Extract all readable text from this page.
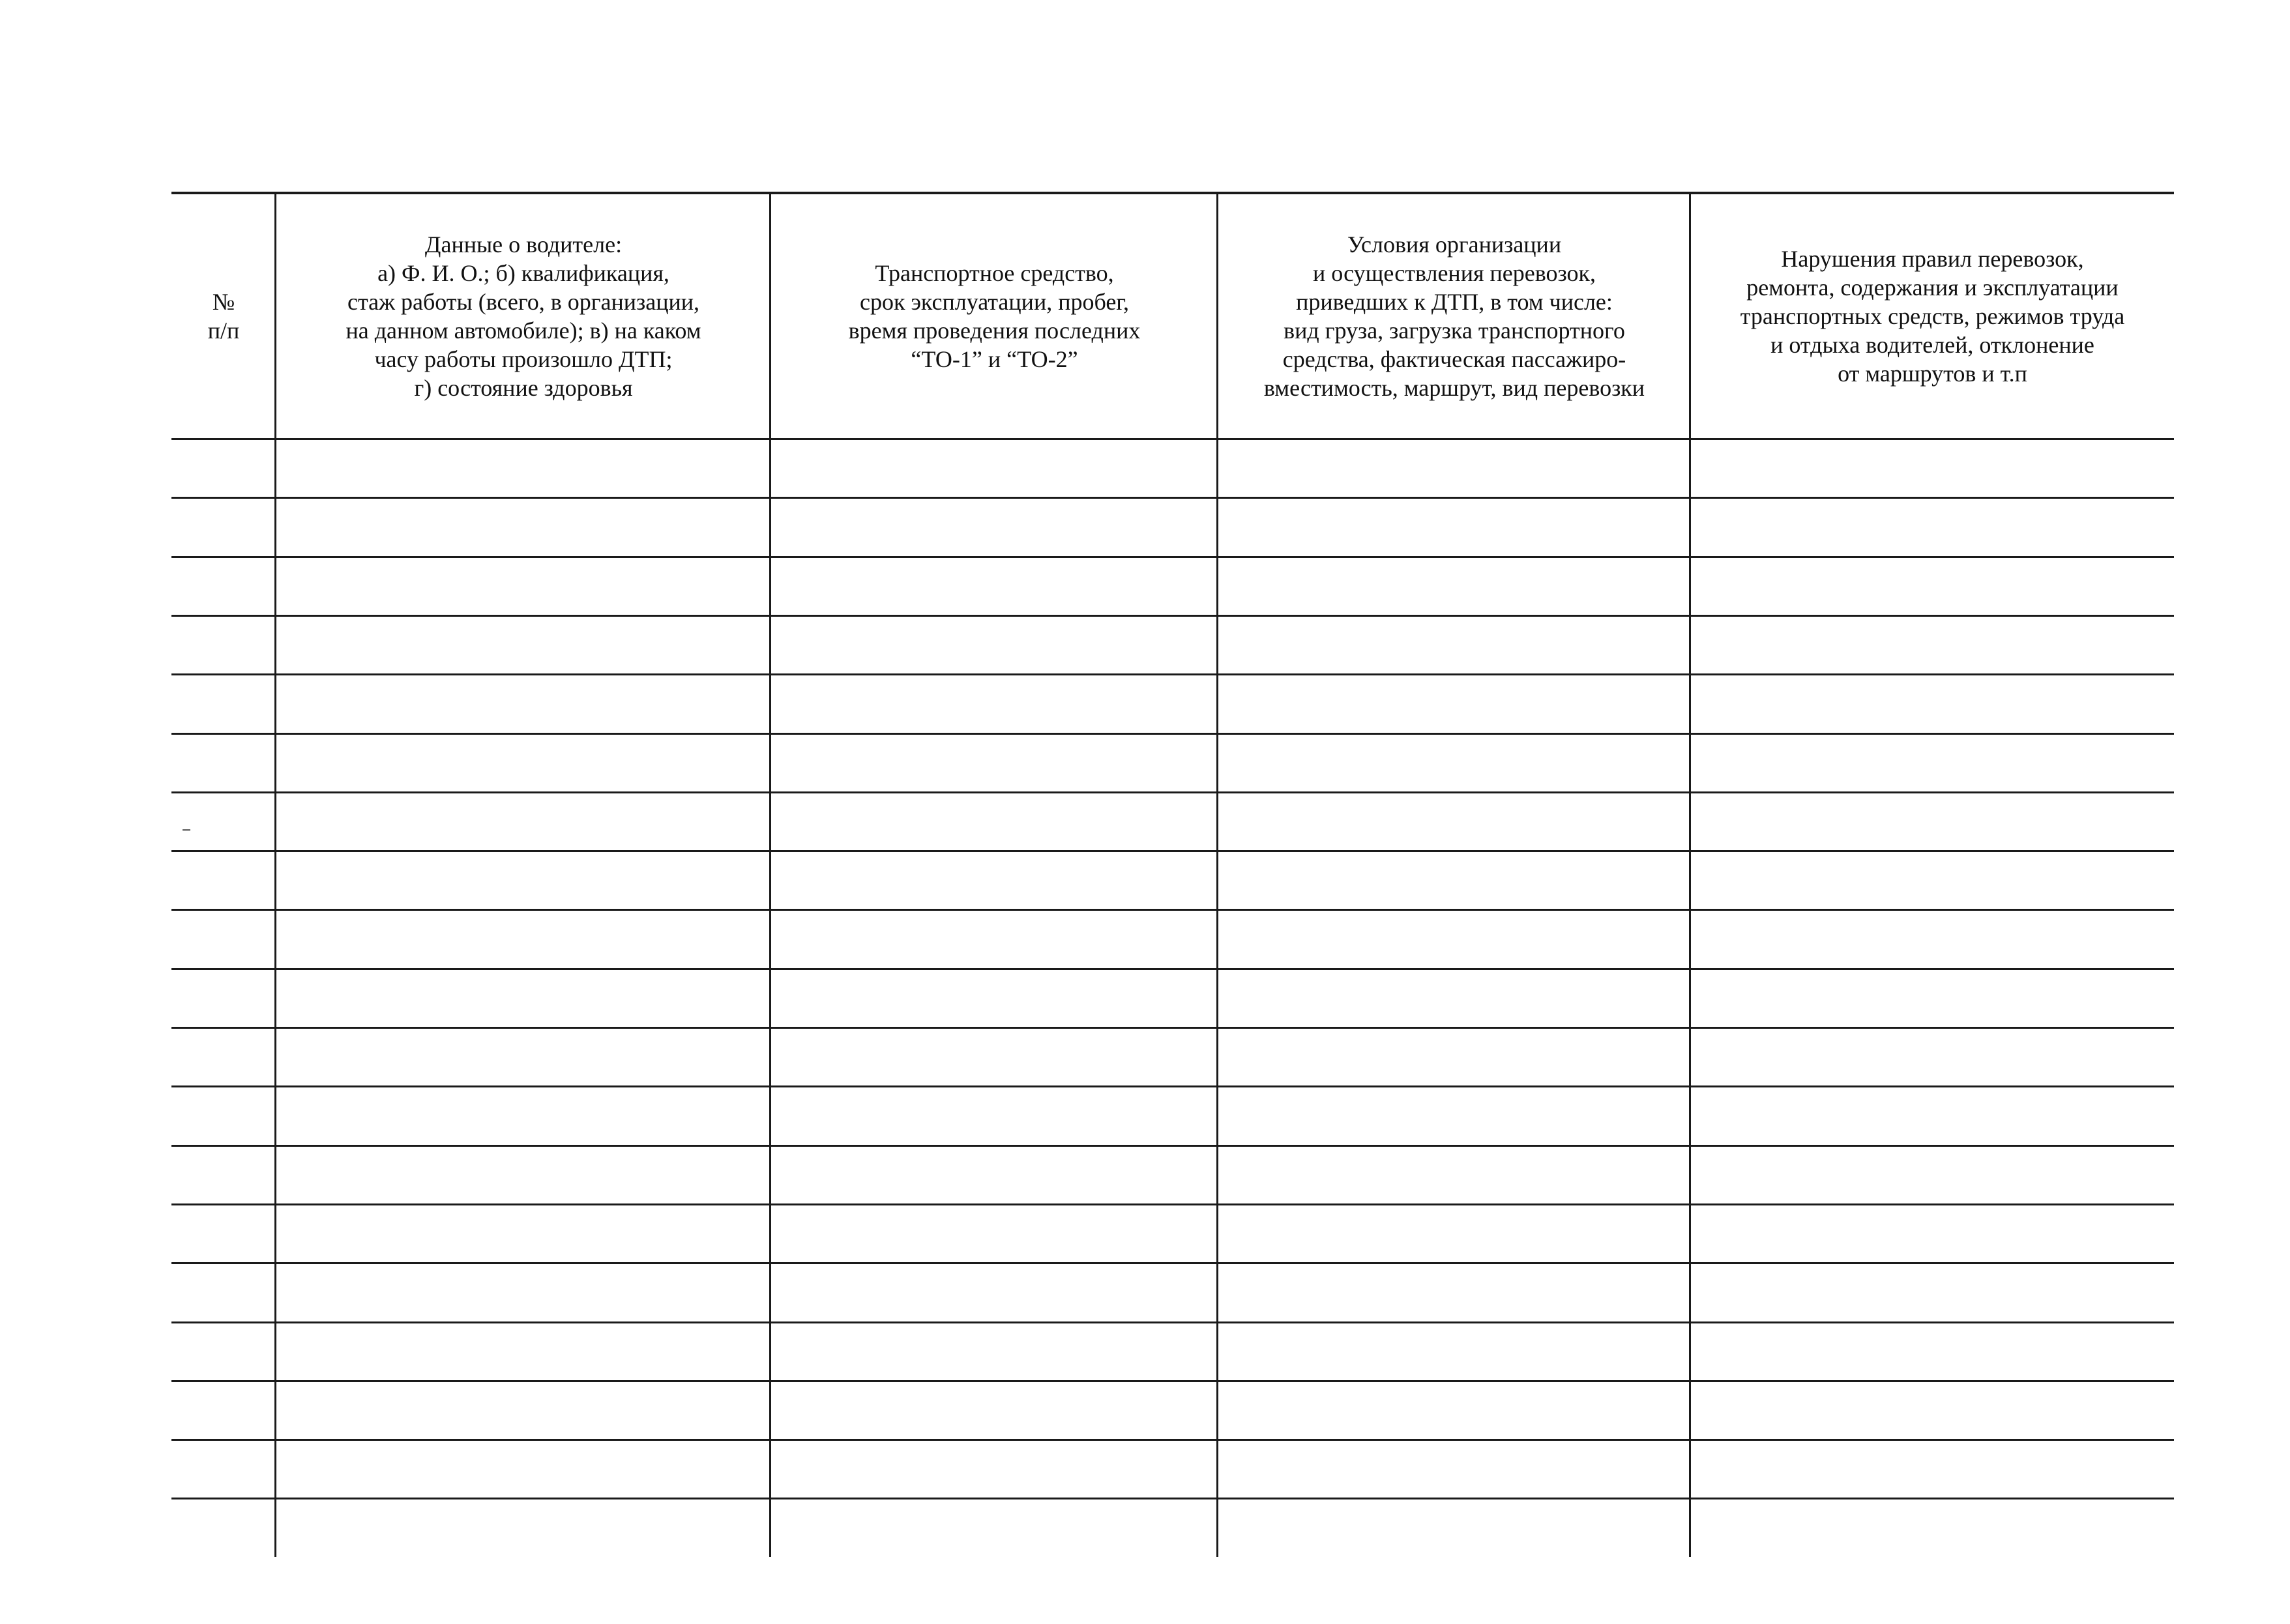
№
п/п
Данные о водителе:
а) Ф. И. О.; б) квалификация,
стаж работы (всего, в организации,
на данном автомобиле); в) на каком
часу работы произошло ДТП;
г) состояние здоровья
Транспортное средство,
срок эксплуатации, пробег,
время проведения последних
“ТО-1” и “ТО-2”
Условия организации
и осуществления перевозок,
приведших к ДТП, в том числе:
вид груза, загрузка транспортного
средства, фактическая пассажиро-
вместимость, маршрут, вид перевозки
Нарушения правил перевозок,
ремонта, содержания и эксплуатации
транспортных средств, режимов труда
и отдыха водителей, отклонение
от маршрутов и т.п
